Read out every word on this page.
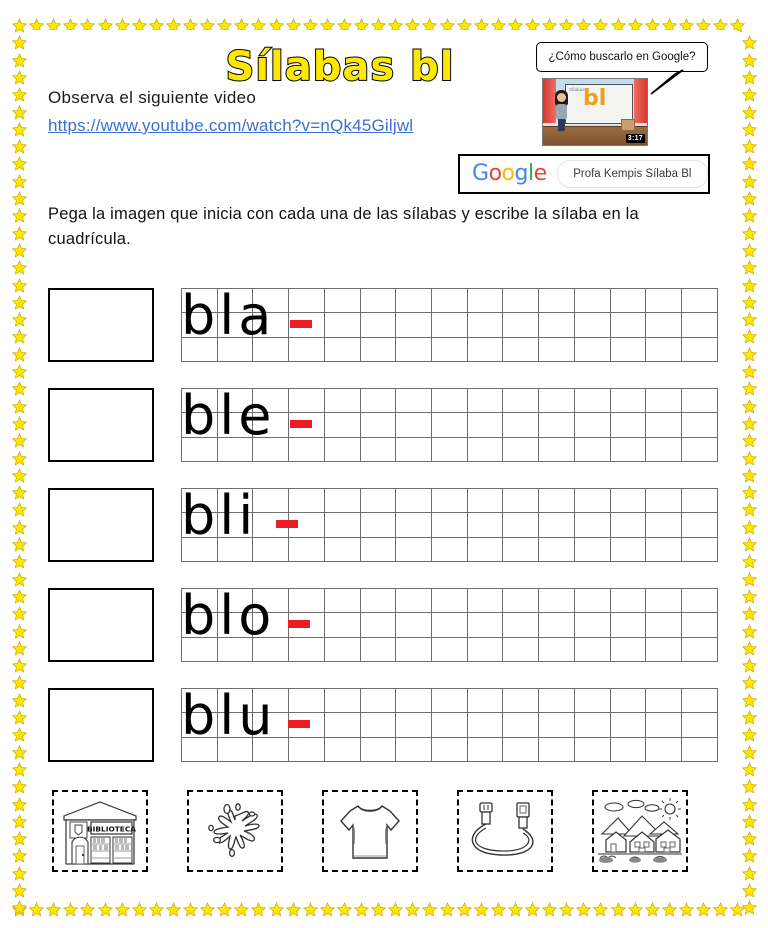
Sílabas bl
Observa el siguiente video
https://www.youtube.com/watch?v=nQk45Giljwl
¿Cómo buscarlo en Google?
Sílabas
bl
3:17
Google	Profa Kempis Sílaba Bl
Pega la imagen que inicia con cada una de las sílabas y escribe la sílaba en la cuadrícula.

bla

ble

bli

blo

blu
BIBLIOTECA
